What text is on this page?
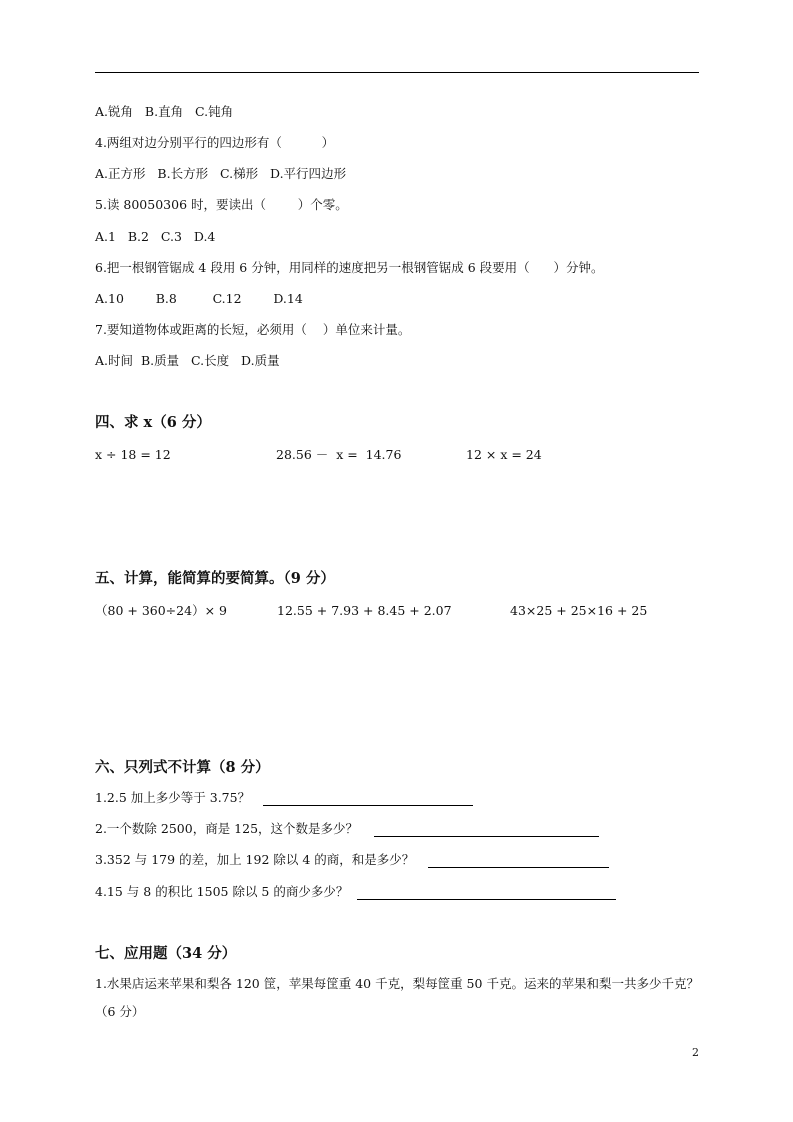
A.锐角   B.直角   C.钝角
4.两组对边分别平行的四边形有（          ）
A.正方形   B.长方形   C.梯形   D.平行四边形
5.读 80050306 时，要读出（        ）个零。
A.1   B.2   C.3   D.4
6.把一根钢管锯成 4 段用 6 分钟，用同样的速度把另一根钢管锯成 6 段要用（      ）分钟。
A.10        B.8         C.12        D.14
7.要知道物体或距离的长短，必须用（    ）单位来计量。
A.时间  B.质量   C.长度   D.质量
四、求 x（6 分）
x ÷ 18 = 12	28.56 －  x =  14.76	12 × x = 24
五、计算，能简算的要简算。（9 分）
（80 + 360÷24）× 9	12.55 + 7.93 + 8.45 + 2.07	43×25 + 25×16 + 25
六、只列式不计算（8 分）
1.2.5 加上多少等于 3.75？
2.一个数除 2500，商是 125，这个数是多少？
3.352 与 179 的差，加上 192 除以 4 的商，和是多少？
4.15 与 8 的积比 1505 除以 5 的商少多少？
七、应用题（34 分）
1.水果店运来苹果和梨各 120 筐，苹果每筐重 40 千克，梨每筐重 50 千克。运来的苹果和梨一共多少千克？（6 分）
2
